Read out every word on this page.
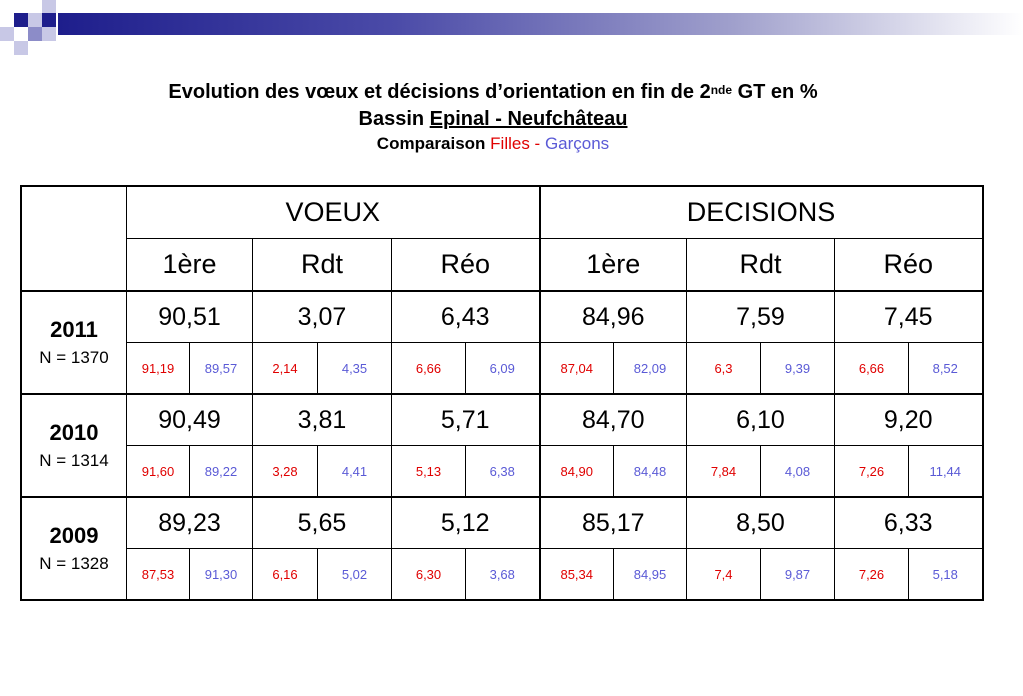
Evolution des vœux et décisions d’orientation en fin de 2nde GT en %
Bassin Epinal - Neufchâteau
Comparaison Filles - Garçons
	VOEUX						DECISIONS					
	1ère		Rdt		Réo		1ère		Rdt		Réo	

2011
N = 1370	90,51		3,07		6,43		84,96		7,59		7,45	
	91,19	89,57	2,14	4,35	6,66	6,09	87,04	82,09	6,3	9,39	6,66	8,52

2010
N = 1314	90,49		3,81		5,71		84,70		6,10		9,20	
	91,60	89,22	3,28	4,41	5,13	6,38	84,90	84,48	7,84	4,08	7,26	11,44

2009
N = 1328	89,23		5,65		5,12		85,17		8,50		6,33	
	87,53	91,30	6,16	5,02	6,30	3,68	85,34	84,95	7,4	9,87	7,26	5,18
